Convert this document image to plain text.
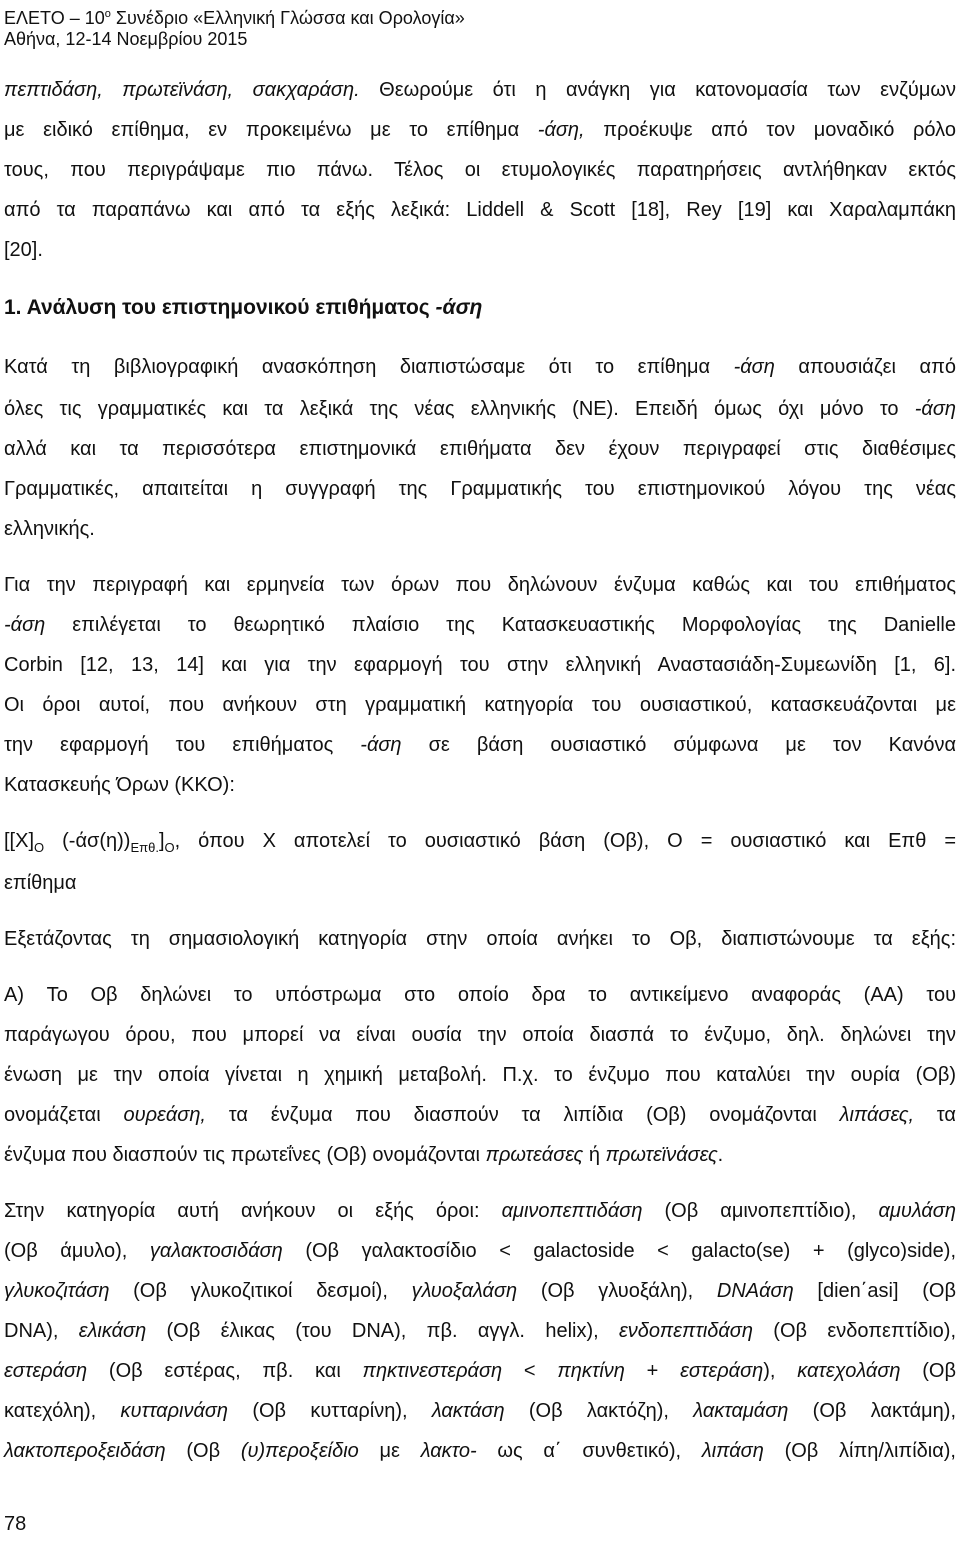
ΕΛΕΤΟ – $10^o$ Συνέδριο «Ελληνική Γλώσσα και Ορολογία»
Αθήνα, 12-14 Νοεμβρίου 2015
πεπτιδάση, πρωτεϊνάση, σακχαράση. Θεωρούμε ότι η ανάγκη για κατονομασία των ενζύμων
με ειδικό επίθημα, εν προκειμένω με το επίθημα -άση, προέκυψε από τον μοναδικό ρόλο
τους, που περιγράψαμε πιο πάνω. Τέλος οι ετυμολογικές παρατηρήσεις αντλήθηκαν εκτός
από τα παραπάνω και από τα εξής λεξικά: Liddell & Scott [18], Rey [19] και Χαραλαμπάκη
[20].
1. Ανάλυση του επιστημονικού επιθήματος -άση
Κατά τη βιβλιογραφική ανασκόπηση διαπιστώσαμε ότι το επίθημα -άση απουσιάζει από
όλες τις γραμματικές και τα λεξικά της νέας ελληνικής (ΝΕ). Επειδή όμως όχι μόνο το -άση
αλλά και τα περισσότερα επιστημονικά επιθήματα δεν έχουν περιγραφεί στις διαθέσιμες
Γραμματικές, απαιτείται η συγγραφή της Γραμματικής του επιστημονικού λόγου της νέας
ελληνικής.
Για την περιγραφή και ερμηνεία των όρων που δηλώνουν ένζυμα καθώς και του επιθήματος
-άση επιλέγεται το θεωρητικό πλαίσιο της Κατασκευαστικής Μορφολογίας της Danielle
Corbin [12, 13, 14] και για την εφαρμογή του στην ελληνική Αναστασιάδη-Συμεωνίδη [1, 6].
Οι όροι αυτοί, που ανήκουν στη γραμματική κατηγορία του ουσιαστικού, κατασκευάζονται με
την εφαρμογή του επιθήματος -άση σε βάση ουσιαστικό σύμφωνα με τον Κανόνα
Κατασκευής Όρων (ΚΚΟ):
[$[X]_O$ $(-ά\sigma(\eta))_{E\pi\theta.}]_O$, όπου Χ αποτελεί το ουσιαστικό βάση (Οβ), Ο = ουσιαστικό και Επθ =
επίθημα
Εξετάζοντας τη σημασιολογική κατηγορία στην οποία ανήκει το Οβ, διαπιστώνουμε τα εξής:
A) Το Οβ δηλώνει το υπόστρωμα στο οποίο δρα το αντικείμενο αναφοράς (ΑΑ) του
παράγωγου όρου, που μπορεί να είναι ουσία την οποία διασπά το ένζυμο, δηλ. δηλώνει την
ένωση με την οποία γίνεται η χημική μεταβολή. Π.χ. το ένζυμο που καταλύει την ουρία (Οβ)
ονομάζεται ουρεάση, τα ένζυμα που διασπούν τα λιπίδια (Οβ) ονομάζονται λιπάσες, τα
ένζυμα που διασπούν τις πρωτεΐνες (Οβ) ονομάζονται πρωτεάσες ή πρωτεϊνάσες.
Στην κατηγορία αυτή ανήκουν οι εξής όροι: αμινοπεπτιδάση (Οβ αμινοπεπτίδιο), αμυλάση
(Οβ άμυλο), γαλακτοσιδάση (Οβ γαλακτοσίδιο < galactoside < galacto(se) + (glyco)side),
γλυκοζιτάση (Οβ γλυκοζιτικοί δεσμοί), γλυοξαλάση (Οβ γλυοξάλη), DNAάση [dien΄asi] (Οβ
DNA), ελικάση (Οβ έλικας (του DNA), πβ. αγγλ. helix), ενδοπεπτιδάση (Οβ ενδοπεπτίδιο),
εστεράση (Οβ εστέρας, πβ. και πηκτινεστεράση < πηκτίνη + εστεράση), κατεχολάση (Οβ
κατεχόλη), κυτταρινάση (Οβ κυτταρίνη), λακτάση (Οβ λακτόζη), λακταμάση (Οβ λακτάμη),
λακτοπεροξειδάση (Οβ (υ)περοξείδιο με λακτο- ως α΄ συνθετικό), λιπάση (Οβ λίπη/λιπίδια),
78
